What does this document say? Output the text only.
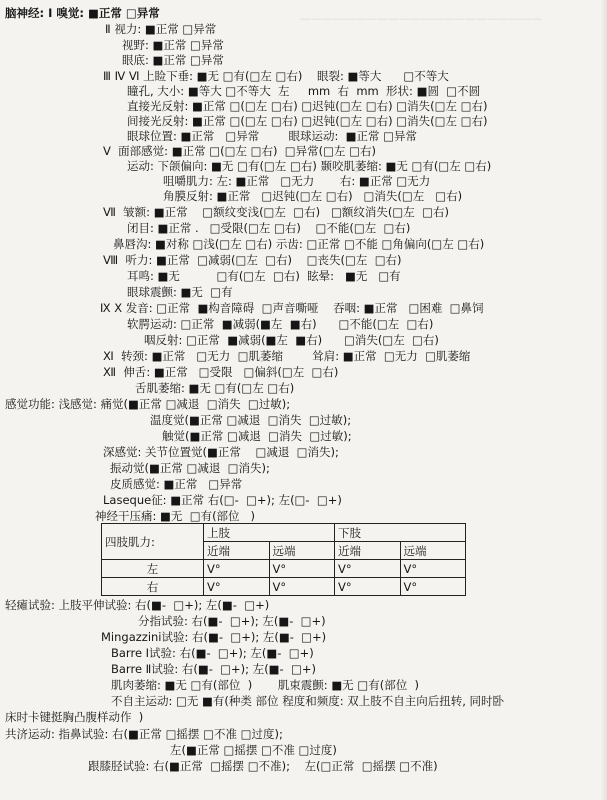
——————————————————————
脑神经: Ⅰ 嗅觉: ■正常 □异常
Ⅱ 视力: ■正常 □异常
视野: ■正常 □异常
眼底: ■正常 □异常
Ⅲ Ⅳ Ⅵ 上睑下垂: ■无 □有(□左 □右)    眼裂: ■等大      □不等大
瞳孔, 大小: ■等大 □不等大  左     mm  右  mm  形状: ■圆  □不圆
直接光反射: ■正常 □(□左 □右) □迟钝(□左 □右) □消失(□左 □右)
间接光反射: ■正常 □(□左 □右) □迟钝(□左 □右) □消失(□左 □右)
眼球位置: ■正常   □异常        眼球运动:  ■正常 □异常
Ⅴ  面部感觉: ■正常 □(□左 □右)  □异常(□左 □右)
运动: 下颌偏向: ■无 □有(□左 □右) 颞咬肌萎缩: ■无 □有(□左 □右)
咀嚼肌力: 左: ■正常   □无力       右: ■正常 □无力
角膜反射: ■正常   □迟钝(□左 □右)   □消失(□左   □右)
Ⅶ  皱额: ■正常    □额纹变浅(□左  □右)   □额纹消失(□左  □右)
闭目: ■正常 .   □受限(□左 □右)    □不能(□左  □右)
鼻唇沟: ■对称 □浅(□左 □右) 示齿: □正常 □不能 □角偏向(□左 □右)
Ⅷ  听力: ■正常  □减弱(□左  □右)    □丧失(□左  □右)
耳鸣: ■无          □有(□左  □右)  眩晕:   ■无   □有
眼球震颤: ■无  □有
Ⅸ Ⅹ 发音: □正常  ■构音障碍  □声音嘶哑    吞咽: ■正常   □困难  □鼻饲
软腭运动: □正常  ■减弱(■左  ■右)      □不能(□左  □右)
咽反射: □正常  ■减弱(■左  ■右)      □消失(□左  □右)
Ⅺ  转颈: ■正常   □无力  □肌萎缩        耸肩: ■正常  □无力  □肌萎缩
Ⅻ  伸舌: ■正常   □受限   □偏斜(□左  □右)
舌肌萎缩: ■无 □有(□左 □右)
感觉功能: 浅感觉: 痛觉(■正常 □减退  □消失  □过敏);
温度觉(■正常 □减退  □消失  □过敏);
触觉(■正常 □减退  □消失  □过敏);
深感觉: 关节位置觉(■正常    □减退  □消失);
振动觉(■正常 □减退  □消失);
皮质感觉: ■正常   □异常
Laseque征: ■正常 右(□-  □+); 左(□-  □+)
神经干压痛: ■无  □有(部位   )
四肢肌力:	上肢		下肢	
	近端	远端	近端	远端
左	Ⅴ°	Ⅴ°	Ⅴ°	Ⅴ°
右	Ⅴ°	Ⅴ°	Ⅴ°	Ⅴ°
轻瘫试验: 上肢平伸试验: 右(■-  □+); 左(■-  □+)
分指试验: 右(■-  □+); 左(■-  □+)
Mingazzini试验: 右(■-  □+); 左(■-  □+)
Barre Ⅰ试验: 右(■-  □+); 左(■-  □+)
Barre Ⅱ试验: 右(■-  □+); 左(■-  □+)
肌肉萎缩: ■无 □有(部位  )       肌束震颤: ■无 □有(部位  )
不自主运动: □无 ■有(种类 部位 程度和频度: 双上肢不自主向后扭转, 同时卧
床时卡键挺胸凸腹样动作  )
共济运动: 指鼻试验: 右(■正常 □摇摆 □不准 □过度);
左(■正常 □摇摆 □不准 □过度)
跟膝胫试验: 右(■正常  □摇摆 □不准);    左(□正常  □摇摆 □不准)
